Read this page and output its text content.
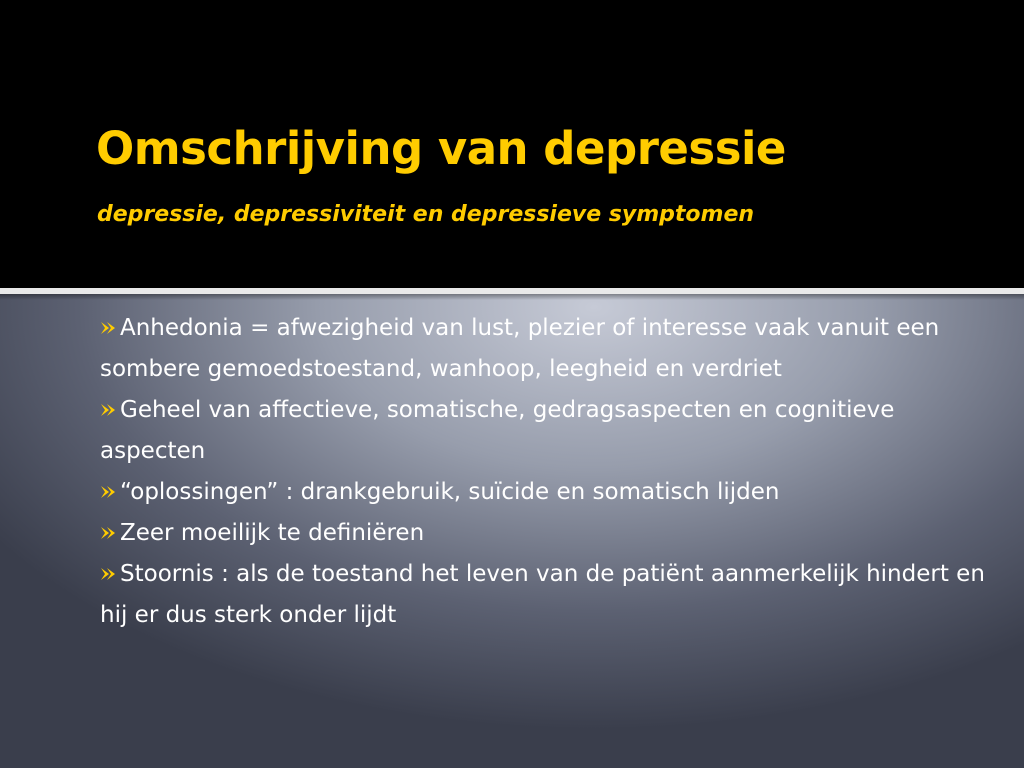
Omschrijving van depressie
depressie, depressiviteit en depressieve symptomen
Anhedonia = afwezigheid van lust, plezier of interesse vaak vanuit een sombere gemoedstoestand, wanhoop, leegheid en verdriet
Geheel van affectieve, somatische, gedragsaspecten en cognitieve aspecten
“oplossingen” : drankgebruik, suïcide en somatisch lijden
Zeer moeilijk te definiëren
Stoornis : als de toestand het leven van de patiënt aanmerkelijk hindert en hij er dus sterk onder lijdt
